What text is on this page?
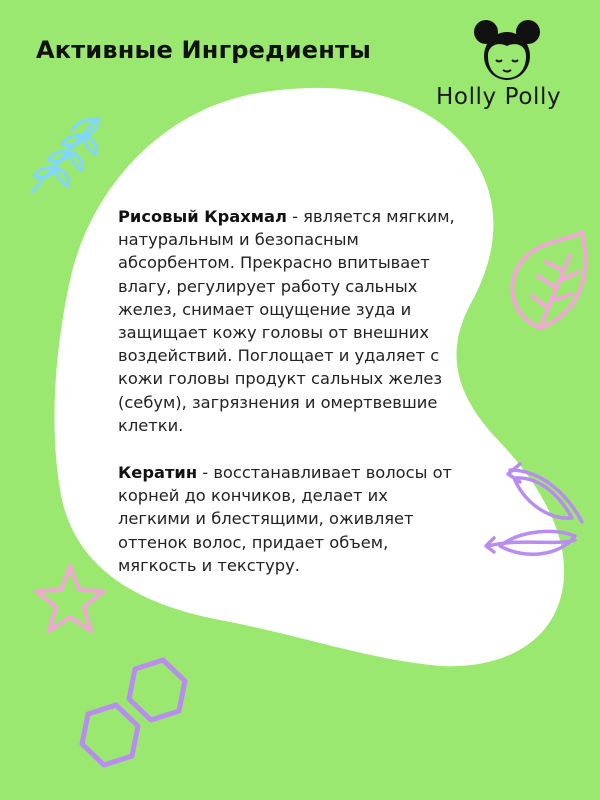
Активные Ингредиенты
Holly Polly

Рисовый Крахмал - является мягким, натуральным и безопасным абсорбентом. Прекрасно впитывает влагу, регулирует работу сальных желез, снимает ощущение зуда и защищает кожу головы от внешних воздействий. Поглощает и удаляет с кожи головы продукт сальных желез (себум), загрязнения и омертвевшие клетки.

Кератин - восстанавливает волосы от корней до кончиков, делает их легкими и блестящими, оживляет оттенок волос, придает объем, мягкость и текстуру.
